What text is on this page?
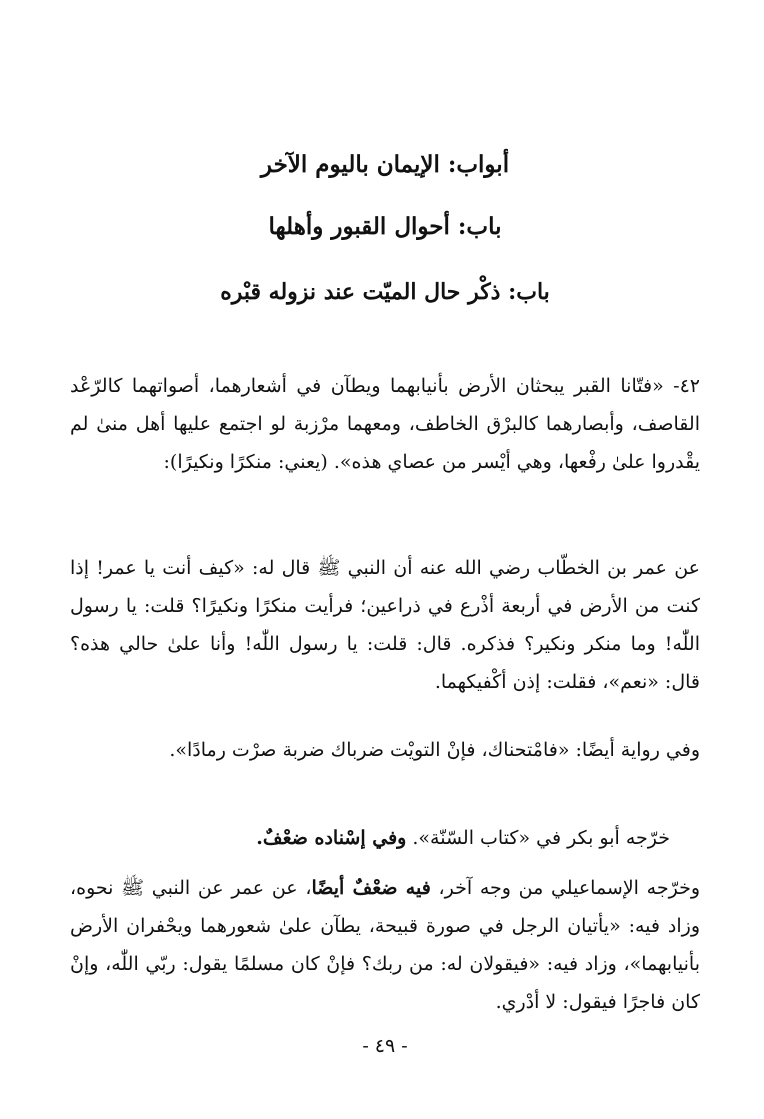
أبواب: الإيمان باليوم الآخر
باب: أحوال القبور وأهلها
باب: ذكْر حال الميّت عند نزوله قبْره

٤٢- «فتّانا القبر يبحثان الأرض بأنيابهما ويطآن في أشعارهما، أصواتهما كالرّعْد القاصف، وأبصارهما كالبرْق الخاطف، ومعهما مرْزبة لو اجتمع عليها أهل منىٰ لم يقْدروا علىٰ رفْعها، وهي أيْسر من عصاي هذه». (يعني: منكرًا ونكيرًا):

عن عمر بن الخطّاب رضي الله عنه أن النبي ﷺ قال له: «كيف أنت يا عمر! إذا كنت من الأرض في أربعة أذْرع في ذراعين؛ فرأيت منكرًا ونكيرًا؟ قلت: يا رسول اللّٰه! وما منكر ونكير؟ فذكره. قال: قلت: يا رسول اللّٰه! وأنا علىٰ حالي هذه؟ قال: «نعم»، فقلت: إذن أكْفيكهما.

وفي رواية أيضًا: «فامْتحناك، فإنْ التويْت ضرباك ضربة صرْت رمادًا».

خرّجه أبو بكر في «كتاب السّنّة». وفي إسْناده ضعْفٌ.

وخرّجه الإسماعيلي من وجه آخر، فيه ضعْفٌ أيضًا، عن عمر عن النبي ﷺ نحوه، وزاد فيه: «يأتيان الرجل في صورة قبيحة، يطآن علىٰ شعورهما ويحْفران الأرض بأنيابهما»، وزاد فيه: «فيقولان له: من ربك؟ فإنْ كان مسلمًا يقول: ربّي اللّٰه، وإنْ كان فاجرًا فيقول: لا أدْري.

- ٤٩ -
